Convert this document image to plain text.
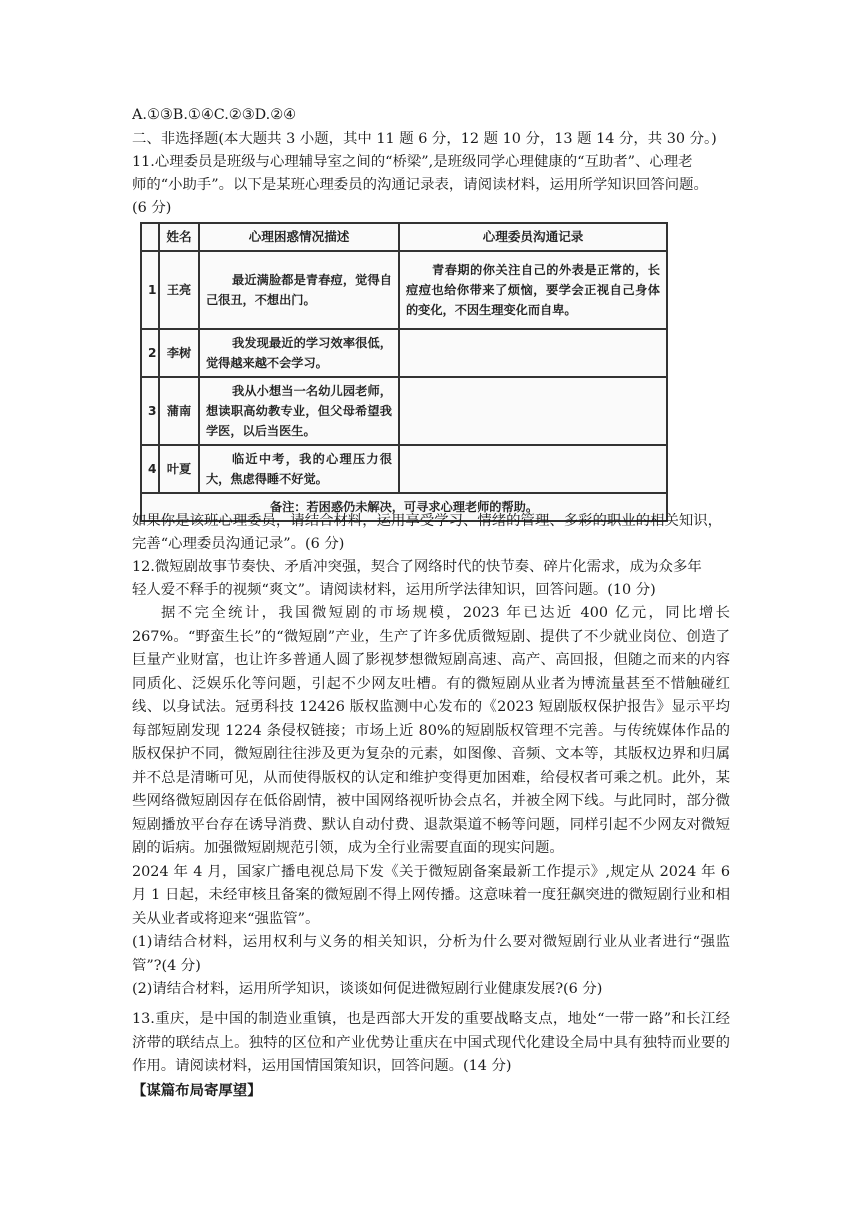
A.①③B.①④C.②③D.②④
二、非选择题(本大题共 3 小题，其中 11 题 6 分，12 题 10 分，13 题 14 分，共 30 分。)
11.心理委员是班级与心理辅导室之间的“桥梁”,是班级同学心理健康的“互助者”、心理老
师的“小助手”。以下是某班心理委员的沟通记录表，请阅读材料，运用所学知识回答问题。
(6 分)
	姓名	心理困惑情况描述	心理委员沟通记录
1	王亮	最近满脸都是青春痘，觉得自己很丑，不想出门。	青春期的你关注自己的外表是正常的，长痘痘也给你带来了烦恼，要学会正视自己身体的变化，不因生理变化而自卑。
2	李树	我发现最近的学习效率很低，觉得越来越不会学习。	
3	蒲南	我从小想当一名幼儿园老师，想读职高幼教专业，但父母希望我学医，以后当医生。	
4	叶夏	临近中考，我的心理压力很大，焦虑得睡不好觉。	
备注：若困惑仍未解决，可寻求心理老师的帮助。			
如果你是该班心理委员，请结合材料，运用享受学习、情绪的管理、多彩的职业的相关知识，
完善“心理委员沟通记录”。(6 分)
12.微短剧故事节奏快、矛盾冲突强，契合了网络时代的快节奏、碎片化需求，成为众多年
轻人爱不释手的视频“爽文”。请阅读材料，运用所学法律知识，回答问题。(10 分)

据不完全统计，我国微短剧的市场规模，2023 年已达近 400 亿元，同比增长 267%。“野蛮生长”的“微短剧”产业，生产了许多优质微短剧、提供了不少就业岗位、创造了巨量产业财富，也让许多普通人圆了影视梦想微短剧高速、高产、高回报，但随之而来的内容同质化、泛娱乐化等问题，引起不少网友吐槽。有的微短剧从业者为博流量甚至不惜触碰红线、以身试法。冠勇科技 12426 版权监测中心发布的《2023 短剧版权保护报告》显示平均每部短剧发现 1224 条侵权链接；市场上近 80%的短剧版权管理不完善。与传统媒体作品的版权保护不同，微短剧往往涉及更为复杂的元素，如图像、音频、文本等，其版权边界和归属并不总是清晰可见，从而使得版权的认定和维护变得更加困难，给侵权者可乘之机。此外，某些网络微短剧因存在低俗剧情，被中国网络视听协会点名，并被全网下线。与此同时，部分微短剧播放平台存在诱导消费、默认自动付费、退款渠道不畅等问题，同样引起不少网友对微短剧的诟病。加强微短剧规范引领，成为全行业需要直面的现实问题。

2024 年 4 月，国家广播电视总局下发《关于微短剧备案最新工作提示》,规定从 2024 年 6 月 1 日起，未经审核且备案的微短剧不得上网传播。这意味着一度狂飙突进的微短剧行业和相关从业者或将迎来“强监管”。

(1)请结合材料，运用权利与义务的相关知识，分析为什么要对微短剧行业从业者进行“强监管”?(4 分)

(2)请结合材料，运用所学知识，谈谈如何促进微短剧行业健康发展?(6 分)

13.重庆，是中国的制造业重镇，也是西部大开发的重要战略支点，地处“一带一路”和长江经济带的联结点上。独特的区位和产业优势让重庆在中国式现代化建设全局中具有独特而业要的作用。请阅读材料，运用国情国策知识，回答问题。(14 分)

【谋篇布局寄厚望】
